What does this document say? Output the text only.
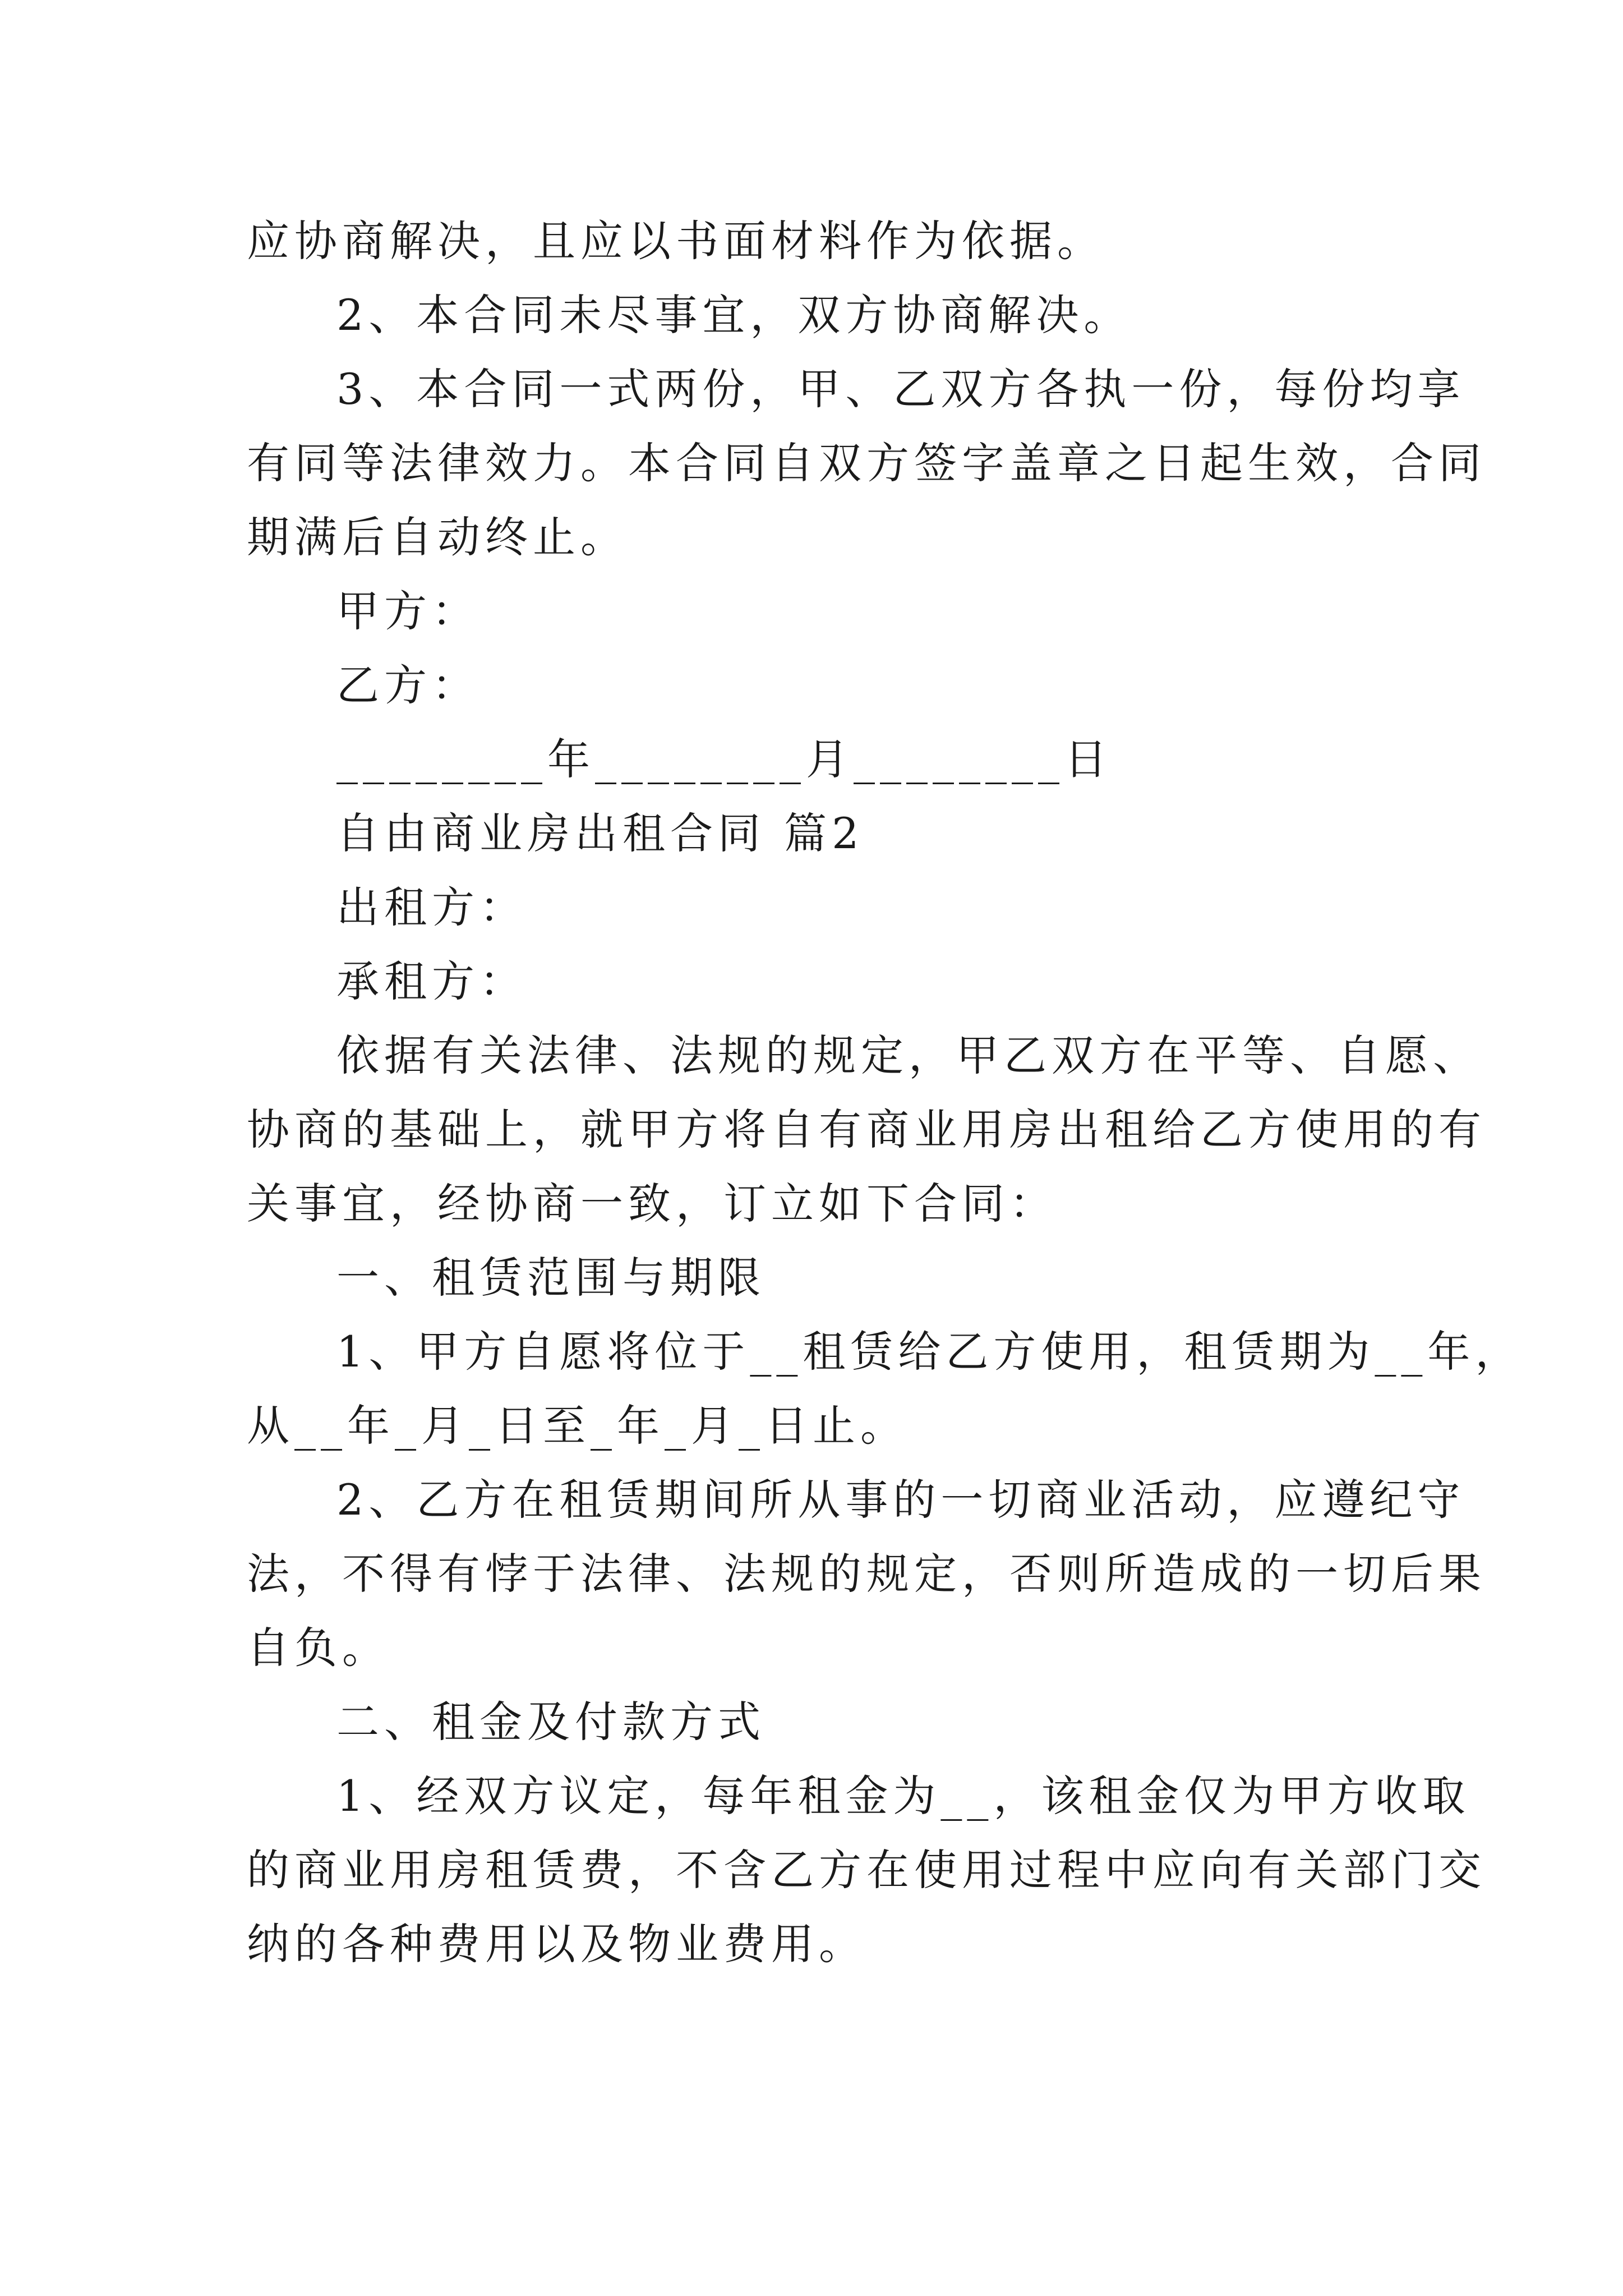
应协商解决，且应以书面材料作为依据。
2、本合同未尽事宜，双方协商解决。
3、本合同一式两份，甲、乙双方各执一份，每份均享
有同等法律效力。本合同自双方签字盖章之日起生效，合同
期满后自动终止。
甲方：
乙方：
________年________月________日
自由商业房出租合同 篇2
出租方：
承租方：
依据有关法律、法规的规定，甲乙双方在平等、自愿、
协商的基础上，就甲方将自有商业用房出租给乙方使用的有
关事宜，经协商一致，订立如下合同：
一、租赁范围与期限
1、甲方自愿将位于__租赁给乙方使用，租赁期为__年，
从__年_月_日至_年_月_日止。
2、乙方在租赁期间所从事的一切商业活动，应遵纪守
法，不得有悖于法律、法规的规定，否则所造成的一切后果
自负。
二、租金及付款方式
1、经双方议定，每年租金为__，该租金仅为甲方收取
的商业用房租赁费，不含乙方在使用过程中应向有关部门交
纳的各种费用以及物业费用。
